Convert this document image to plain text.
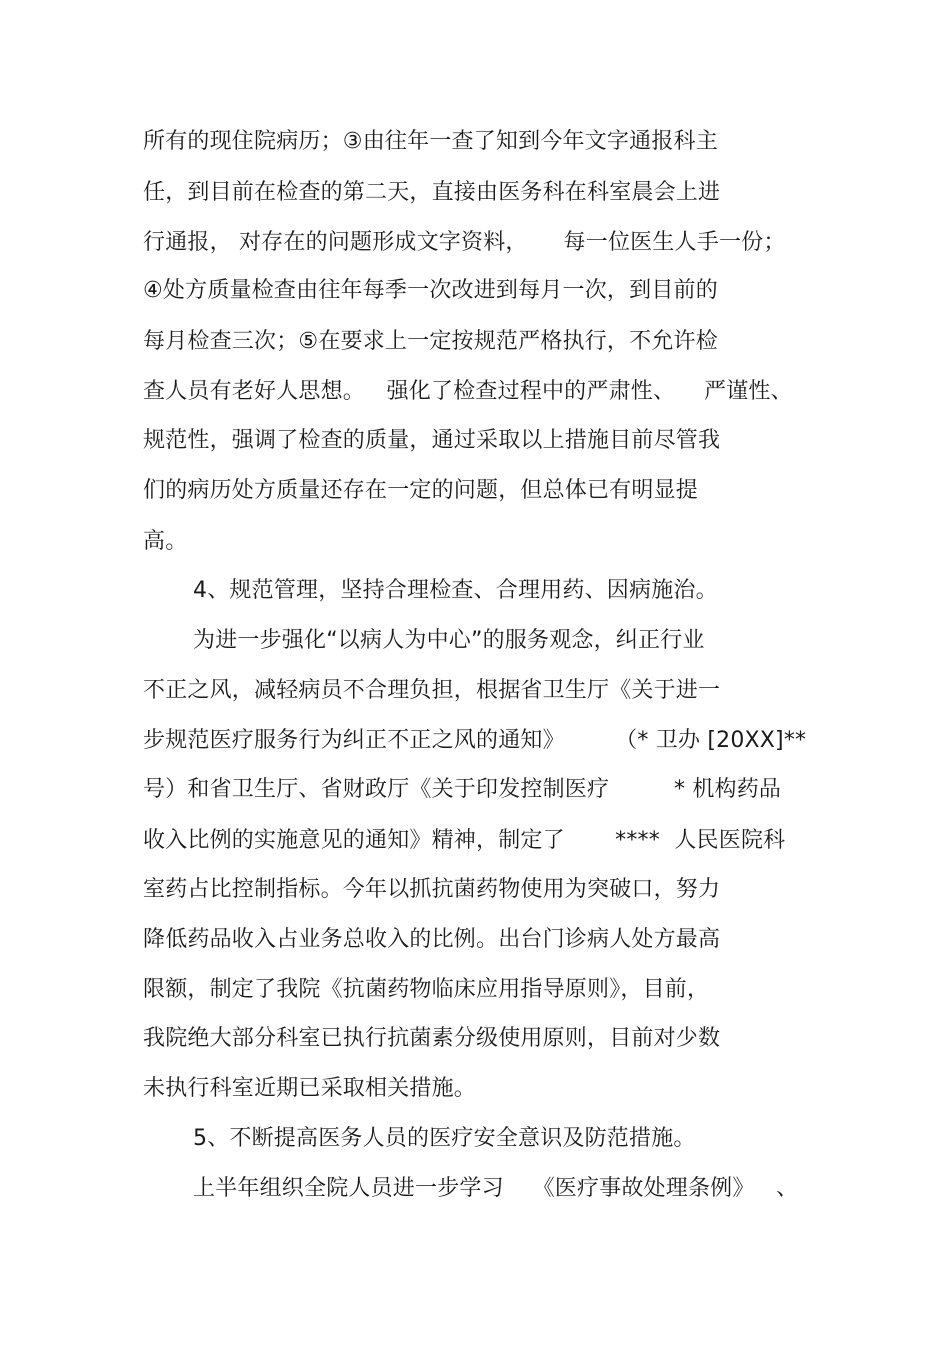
所有的现住院病历；③由往年一查了知到今年文字通报科主
任，到目前在检查的第二天，直接由医务科在科室晨会上进
行通报， 对存在的问题形成文字资料，     每一位医生人手一份；
④处方质量检查由往年每季一次改进到每月一次，到目前的
每月检查三次；⑤在要求上一定按规范严格执行，不允许检
查人员有老好人思想。   强化了检查过程中的严肃性、    严谨性、
规范性，强调了检查的质量，通过采取以上措施目前尽管我
们的病历处方质量还存在一定的问题，但总体已有明显提
高。
4、规范管理，坚持合理检查、合理用药、因病施治。
为进一步强化“以病人为中心”的服务观念，纠正行业
不正之风，减轻病员不合理负担，根据省卫生厅《关于进一
步规范医疗服务行为纠正不正之风的通知》       （* 卫办 [20XX]**
号）和省卫生厅、省财政厅《关于印发控制医疗         * 机构药品
收入比例的实施意见的通知》精神，制定了       ****  人民医院科
室药占比控制指标。今年以抓抗菌药物使用为突破口，努力
降低药品收入占业务总收入的比例。出台门诊病人处方最高
限额，制定了我院《抗菌药物临床应用指导原则》，目前，
我院绝大部分科室已执行抗菌素分级使用原则，目前对少数
未执行科室近期已采取相关措施。
5、不断提高医务人员的医疗安全意识及防范措施。
上半年组织全院人员进一步学习    《医疗事故处理条例》   、
